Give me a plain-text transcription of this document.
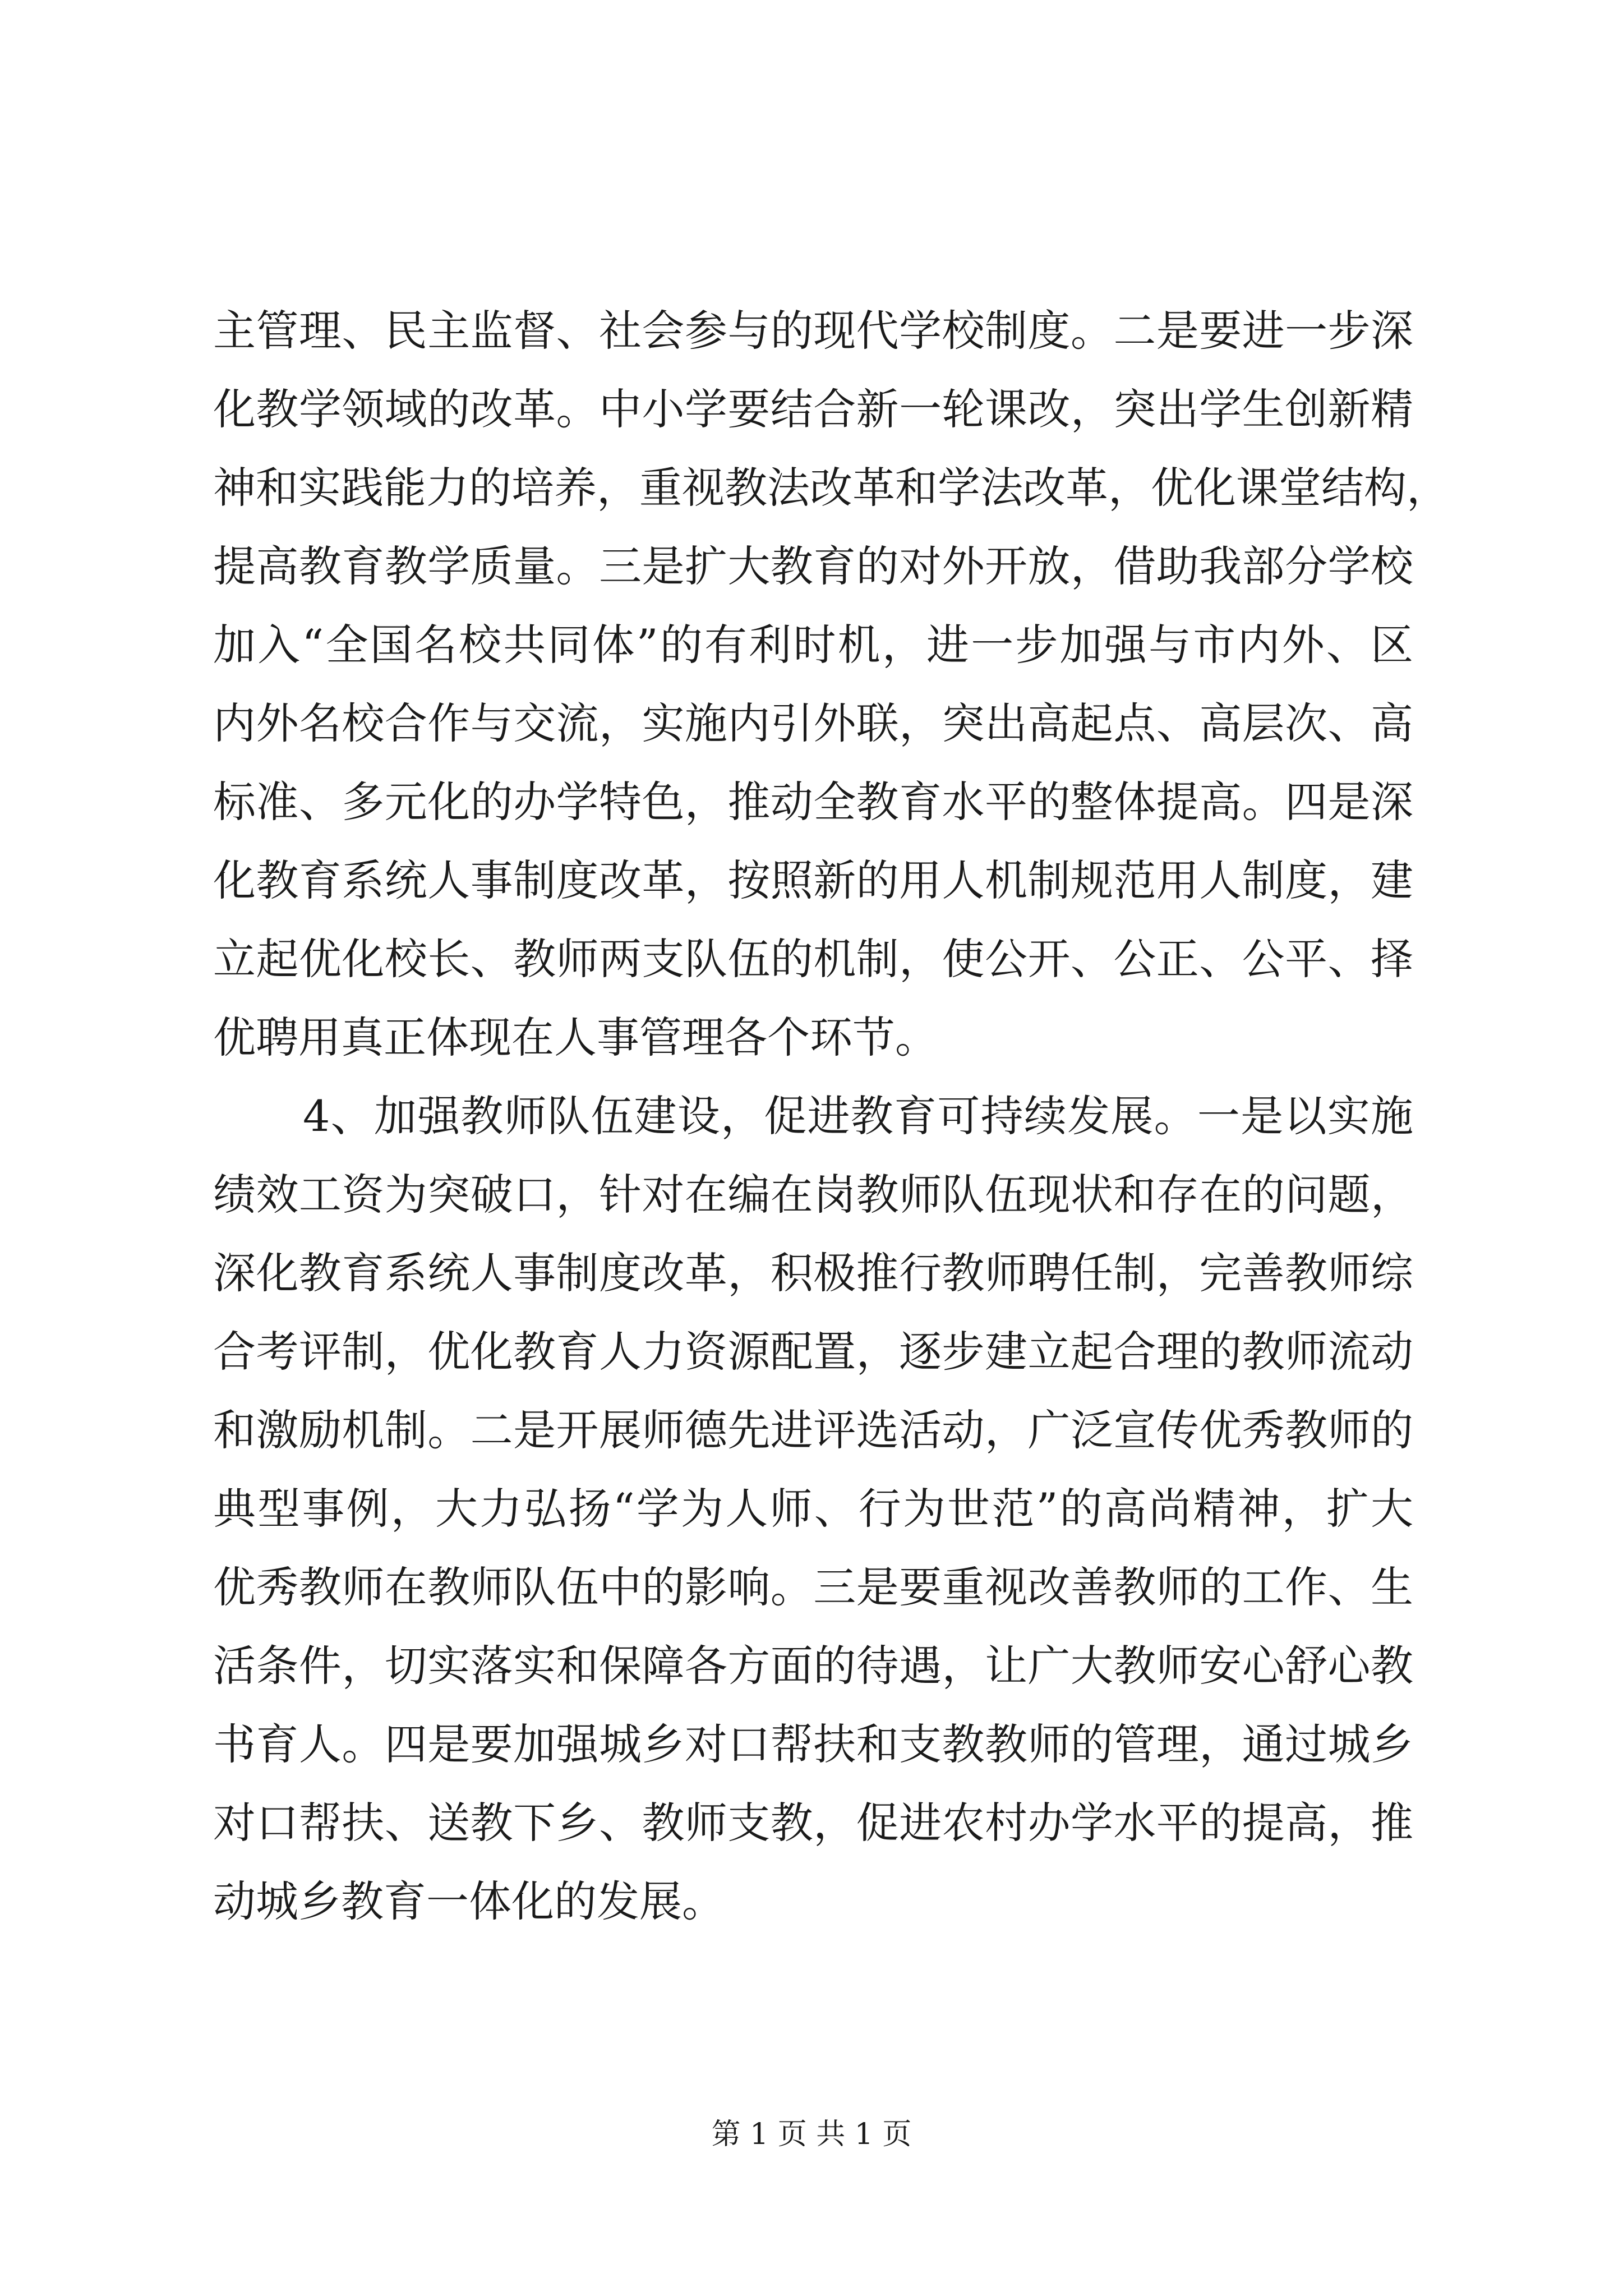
主管理、民主监督、社会参与的现代学校制度。二是要进一步深
化教学领域的改革。中小学要结合新一轮课改，突出学生创新精
神和实践能力的培养，重视教法改革和学法改革，优化课堂结构，
提高教育教学质量。三是扩大教育的对外开放，借助我部分学校
加入“全国名校共同体”的有利时机，进一步加强与市内外、区
内外名校合作与交流，实施内引外联，突出高起点、高层次、高
标准、多元化的办学特色，推动全教育水平的整体提高。四是深
化教育系统人事制度改革，按照新的用人机制规范用人制度，建
立起优化校长、教师两支队伍的机制，使公开、公正、公平、择
优聘用真正体现在人事管理各个环节。
4、加强教师队伍建设，促进教育可持续发展。一是以实施
绩效工资为突破口，针对在编在岗教师队伍现状和存在的问题，
深化教育系统人事制度改革，积极推行教师聘任制，完善教师综
合考评制，优化教育人力资源配置，逐步建立起合理的教师流动
和激励机制。二是开展师德先进评选活动，广泛宣传优秀教师的
典型事例，大力弘扬“学为人师、行为世范”的高尚精神，扩大
优秀教师在教师队伍中的影响。三是要重视改善教师的工作、生
活条件，切实落实和保障各方面的待遇，让广大教师安心舒心教
书育人。四是要加强城乡对口帮扶和支教教师的管理，通过城乡
对口帮扶、送教下乡、教师支教，促进农村办学水平的提高，推
动城乡教育一体化的发展。
第 1 页 共 1 页
